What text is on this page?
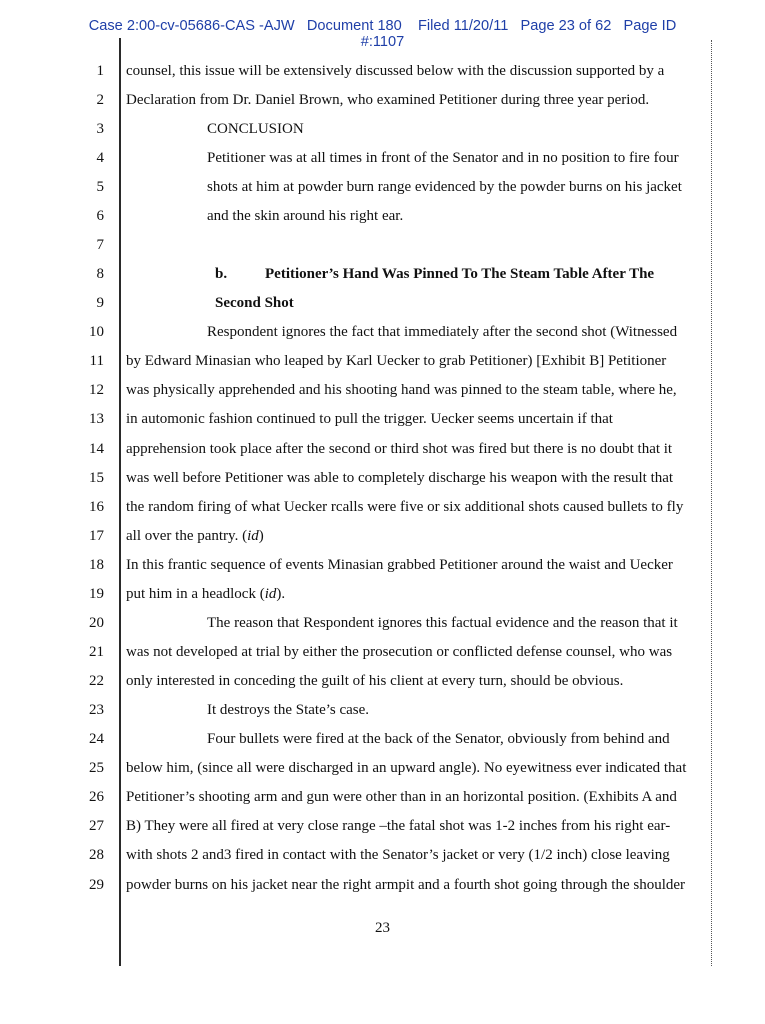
Case 2:00-cv-05686-CAS -AJW   Document 180    Filed 11/20/11   Page 23 of 62   Page ID
#:1107
1
2
3
4
5
6
7
8
9
10
11
12
13
14
15
16
17
18
19
20
21
22
23
24
25
26
27
28
29
counsel, this issue will be extensively discussed below with the discussion supported by a
Declaration from Dr. Daniel Brown, who examined Petitioner during three year period.
CONCLUSION
Petitioner was at all times in front of the Senator and in no position to fire four
shots at him at powder burn range evidenced by the powder burns on his jacket
and the skin around his right ear.
b.	Petitioner’s Hand Was Pinned To The Steam Table After The
Second Shot
Respondent ignores the fact that immediately after the second shot (Witnessed
by Edward Minasian who leaped by Karl Uecker to grab Petitioner) [Exhibit B] Petitioner
was physically apprehended and his shooting hand was pinned to the steam table, where he,
in automonic fashion continued to pull the trigger. Uecker seems uncertain if that
apprehension took place after the second or third shot was fired but there is no doubt that it
was well before Petitioner was able to completely discharge his weapon with the result that
the random firing of what Uecker rcalls were five or six additional shots caused bullets to fly
all over the pantry. (id)
In this frantic sequence of events Minasian grabbed Petitioner around the waist and Uecker
put him in a headlock (id).
The reason that Respondent ignores this factual evidence and the reason that it
was not developed at trial by either the prosecution or conflicted defense counsel, who was
only interested in conceding the guilt of his client at every turn, should be obvious.
It destroys the State’s case.
Four bullets were fired at the back of the Senator, obviously from behind and
below him, (since all were discharged in an upward angle). No eyewitness ever indicated that
Petitioner’s shooting arm and gun were other than in an horizontal position. (Exhibits A and
B) They were all fired at very close range –the fatal shot was 1-2 inches from his right ear-
with shots 2 and3 fired in contact with the Senator’s jacket or very (1/2 inch) close leaving
powder burns on his jacket near the right armpit and a fourth shot going through the shoulder
23
